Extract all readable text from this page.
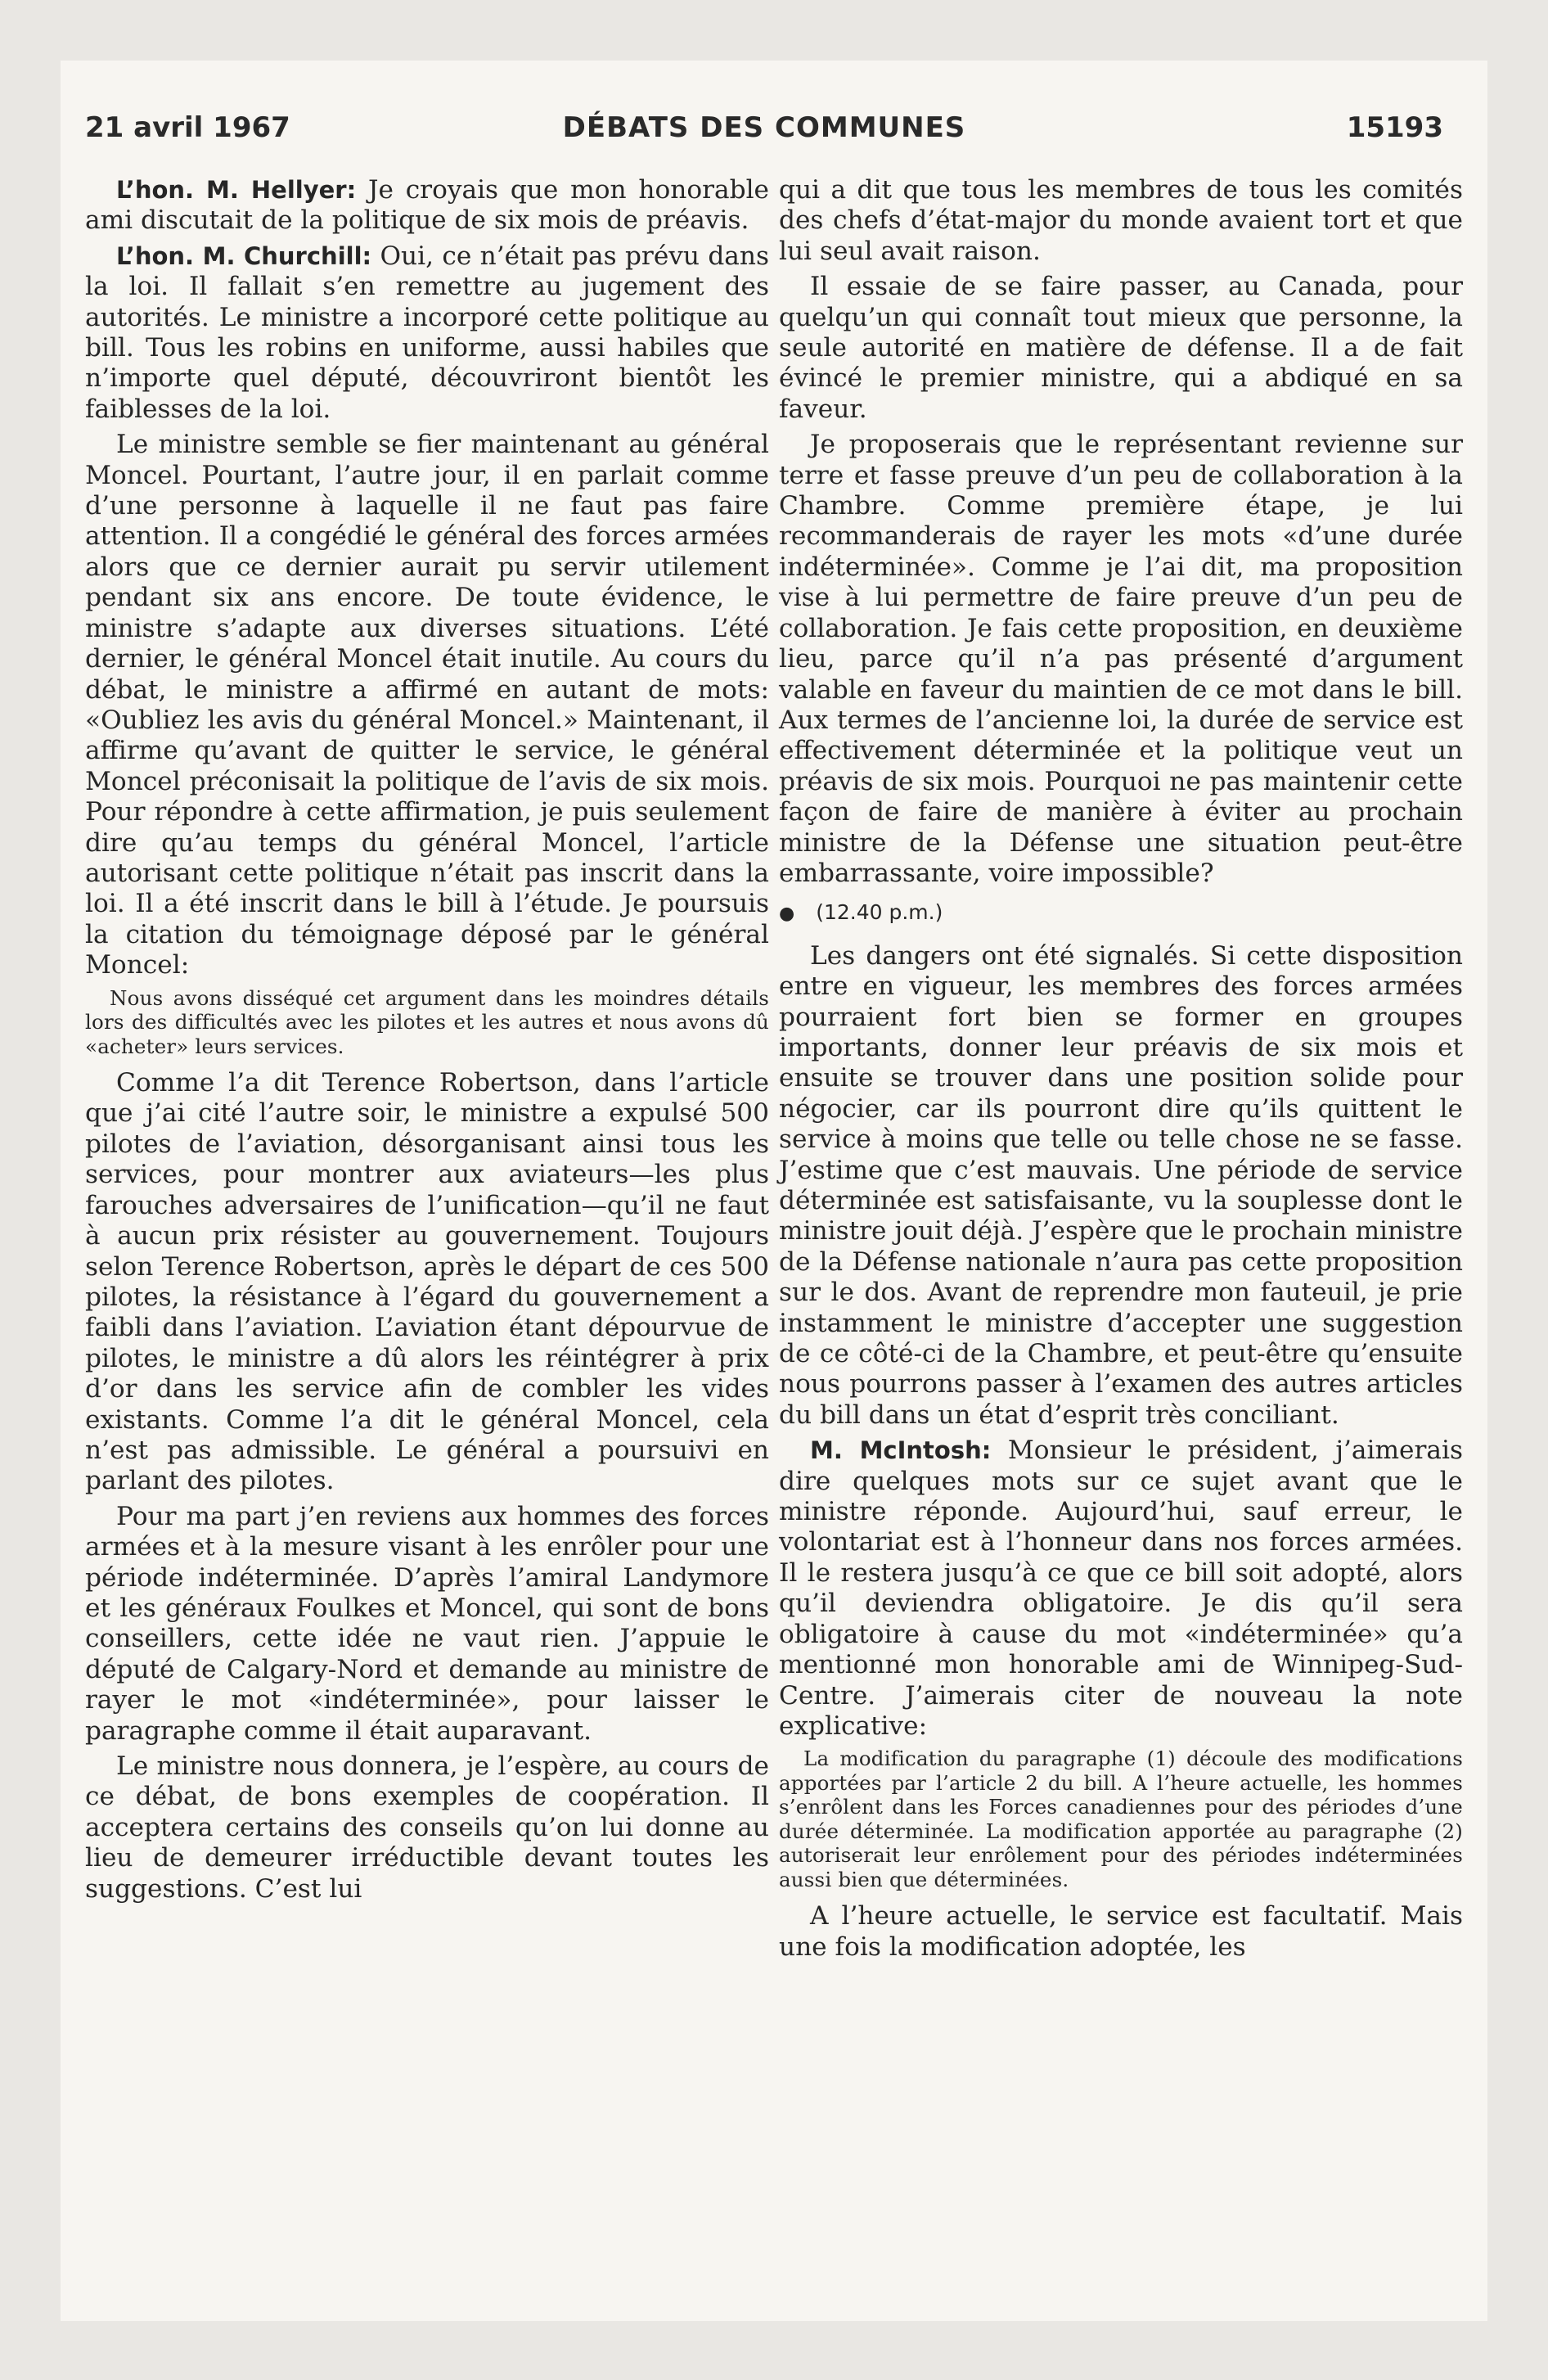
21 avril 1967	DÉBATS DES COMMUNES	15193

L’hon. M. Hellyer: Je croyais que mon honorable ami discutait de la politique de six mois de préavis.

L’hon. M. Churchill: Oui, ce n’était pas prévu dans la loi. Il fallait s’en remettre au jugement des autorités. Le ministre a incorporé cette politique au bill. Tous les robins en uniforme, aussi habiles que n’importe quel député, découvriront bientôt les faiblesses de la loi.

Le ministre semble se fier maintenant au général Moncel. Pourtant, l’autre jour, il en parlait comme d’une personne à laquelle il ne faut pas faire attention. Il a congédié le général des forces armées alors que ce dernier aurait pu servir utilement pendant six ans encore. De toute évidence, le ministre s’adapte aux diverses situations. L’été dernier, le général Moncel était inutile. Au cours du débat, le ministre a affirmé en autant de mots: «Oubliez les avis du général Moncel.» Maintenant, il affirme qu’avant de quitter le service, le général Moncel préconisait la politique de l’avis de six mois. Pour répondre à cette affirmation, je puis seulement dire qu’au temps du général Moncel, l’article autorisant cette politique n’était pas inscrit dans la loi. Il a été inscrit dans le bill à l’étude. Je poursuis la citation du témoignage déposé par le général Moncel:

Nous avons disséqué cet argument dans les moindres détails lors des difficultés avec les pilotes et les autres et nous avons dû «acheter» leurs services.

Comme l’a dit Terence Robertson, dans l’article que j’ai cité l’autre soir, le ministre a expulsé 500 pilotes de l’aviation, désorganisant ainsi tous les services, pour montrer aux aviateurs—les plus farouches adversaires de l’unification—qu’il ne faut à aucun prix résister au gouvernement. Toujours selon Terence Robertson, après le départ de ces 500 pilotes, la résistance à l’égard du gouvernement a faibli dans l’aviation. L’aviation étant dépourvue de pilotes, le ministre a dû alors les réintégrer à prix d’or dans les service afin de combler les vides existants. Comme l’a dit le général Moncel, cela n’est pas admissible. Le général a poursuivi en parlant des pilotes.

Pour ma part j’en reviens aux hommes des forces armées et à la mesure visant à les enrôler pour une période indéterminée. D’après l’amiral Landymore et les généraux Foulkes et Moncel, qui sont de bons conseillers, cette idée ne vaut rien. J’appuie le député de Calgary-Nord et demande au ministre de rayer le mot «indéterminée», pour laisser le paragraphe comme il était auparavant.

Le ministre nous donnera, je l’espère, au cours de ce débat, de bons exemples de coopération. Il acceptera certains des conseils qu’on lui donne au lieu de demeurer irréductible devant toutes les suggestions. C’est lui

qui a dit que tous les membres de tous les comités des chefs d’état-major du monde avaient tort et que lui seul avait raison.

Il essaie de se faire passer, au Canada, pour quelqu’un qui connaît tout mieux que personne, la seule autorité en matière de défense. Il a de fait évincé le premier ministre, qui a abdiqué en sa faveur.

Je proposerais que le représentant revienne sur terre et fasse preuve d’un peu de collaboration à la Chambre. Comme première étape, je lui recommanderais de rayer les mots «d’une durée indéterminée». Comme je l’ai dit, ma proposition vise à lui permettre de faire preuve d’un peu de collaboration. Je fais cette proposition, en deuxième lieu, parce qu’il n’a pas présenté d’argument valable en faveur du maintien de ce mot dans le bill. Aux termes de l’ancienne loi, la durée de service est effectivement déterminée et la politique veut un préavis de six mois. Pourquoi ne pas maintenir cette façon de faire de manière à éviter au prochain ministre de la Défense une situation peut-être embarrassante, voire impossible?

● (12.40 p.m.)

Les dangers ont été signalés. Si cette disposition entre en vigueur, les membres des forces armées pourraient fort bien se former en groupes importants, donner leur préavis de six mois et ensuite se trouver dans une position solide pour négocier, car ils pourront dire qu’ils quittent le service à moins que telle ou telle chose ne se fasse. J’estime que c’est mauvais. Une période de service déterminée est satisfaisante, vu la souplesse dont le ministre jouit déjà. J’espère que le prochain ministre de la Défense nationale n’aura pas cette proposition sur le dos. Avant de reprendre mon fauteuil, je prie instamment le ministre d’accepter une suggestion de ce côté-ci de la Chambre, et peut-être qu’ensuite nous pourrons passer à l’examen des autres articles du bill dans un état d’esprit très conciliant.

M. McIntosh: Monsieur le président, j’aimerais dire quelques mots sur ce sujet avant que le ministre réponde. Aujourd’hui, sauf erreur, le volontariat est à l’honneur dans nos forces armées. Il le restera jusqu’à ce que ce bill soit adopté, alors qu’il deviendra obligatoire. Je dis qu’il sera obligatoire à cause du mot «indéterminée» qu’a mentionné mon honorable ami de Winnipeg-Sud-Centre. J’aimerais citer de nouveau la note explicative:

La modification du paragraphe (1) découle des modifications apportées par l’article 2 du bill. A l’heure actuelle, les hommes s’enrôlent dans les Forces canadiennes pour des périodes d’une durée déterminée. La modification apportée au paragraphe (2) autoriserait leur enrôlement pour des périodes indéterminées aussi bien que déterminées.

A l’heure actuelle, le service est facultatif. Mais une fois la modification adoptée, les
